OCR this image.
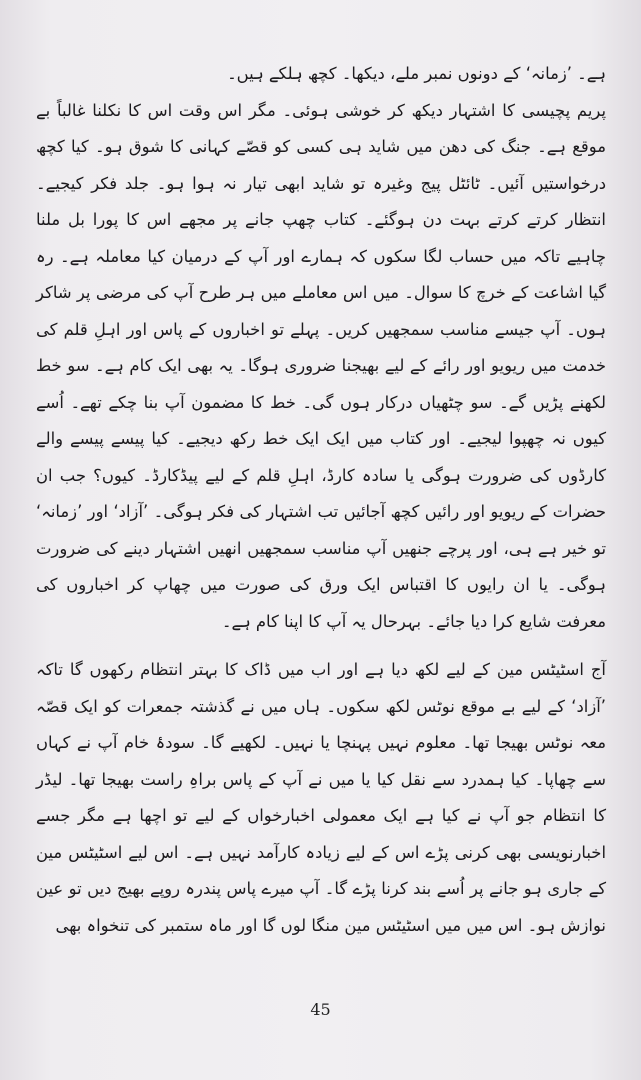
ہے۔ ’زمانہ‘ کے دونوں نمبر ملے، دیکھا۔ کچھ ہلکے ہیں۔

پریم پچیسی کا اشتہار دیکھ کر خوشی ہوئی۔ مگر اس وقت اس کا نکلنا غالباً بے موقع ہے۔ جنگ کی دھن میں شاید ہی کسی کو قصّے کہانی کا شوق ہو۔ کیا کچھ درخواستیں آئیں۔ ٹائٹل پیج وغیرہ تو شاید ابھی تیار نہ ہوا ہو۔ جلد فکر کیجیے۔ انتظار کرتے کرتے بہت دن ہوگئے۔ کتاب چھپ جانے پر مجھے اس کا پورا بل ملنا چاہیے تاکہ میں حساب لگا سکوں کہ ہمارے اور آپ کے درمیان کیا معاملہ ہے۔ رہ گیا اشاعت کے خرچ کا سوال۔ میں اس معاملے میں ہر طرح آپ کی مرضی پر شاکر ہوں۔ آپ جیسے مناسب سمجھیں کریں۔ پہلے تو اخباروں کے پاس اور اہلِ قلم کی خدمت میں ریویو اور رائے کے لیے بھیجنا ضروری ہوگا۔ یہ بھی ایک کام ہے۔ سو خط لکھنے پڑیں گے۔ سو چٹھیاں درکار ہوں گی۔ خط کا مضمون آپ بنا چکے تھے۔ اُسے کیوں نہ چھپوا لیجیے۔ اور کتاب میں ایک ایک خط رکھ دیجیے۔ کیا پیسے پیسے والے کارڈوں کی ضرورت ہوگی یا سادہ کارڈ، اہلِ قلم کے لیے پیڈکارڈ۔ کیوں؟ جب ان حضرات کے ریویو اور رائیں کچھ آجائیں تب اشتہار کی فکر ہوگی۔ ’آزاد‘ اور ’زمانہ‘ تو خیر ہے ہی، اور پرچے جنھیں آپ مناسب سمجھیں انھیں اشتہار دینے کی ضرورت ہوگی۔ یا ان رایوں کا اقتباس ایک ورق کی صورت میں چھاپ کر اخباروں کی معرفت شایع کرا دیا جائے۔ بہرحال یہ آپ کا اپنا کام ہے۔

آج اسٹیٹس مین کے لیے لکھ دیا ہے اور اب میں ڈاک کا بہتر انتظام رکھوں گا تاکہ ’آزاد‘ کے لیے بے موقع نوٹس لکھ سکوں۔ ہاں میں نے گذشتہ جمعرات کو ایک قصّہ معہ نوٹس بھیجا تھا۔ معلوم نہیں پہنچا یا نہیں۔ لکھیے گا۔ سودۂ خام آپ نے کہاں سے چھاپا۔ کیا ہمدرد سے نقل کیا یا میں نے آپ کے پاس براہِ راست بھیجا تھا۔ لیڈر کا انتظام جو آپ نے کیا ہے ایک معمولی اخبارخواں کے لیے تو اچھا ہے مگر جسے اخبارنویسی بھی کرنی پڑے اس کے لیے زیادہ کارآمد نہیں ہے۔ اس لیے اسٹیٹس مین کے جاری ہو جانے پر اُسے بند کرنا پڑے گا۔ آپ میرے پاس پندرہ روپے بھیج دیں تو عین نوازش ہو۔ اس میں میں اسٹیٹس مین منگا لوں گا اور ماہ ستمبر کی تنخواہ بھی

45
